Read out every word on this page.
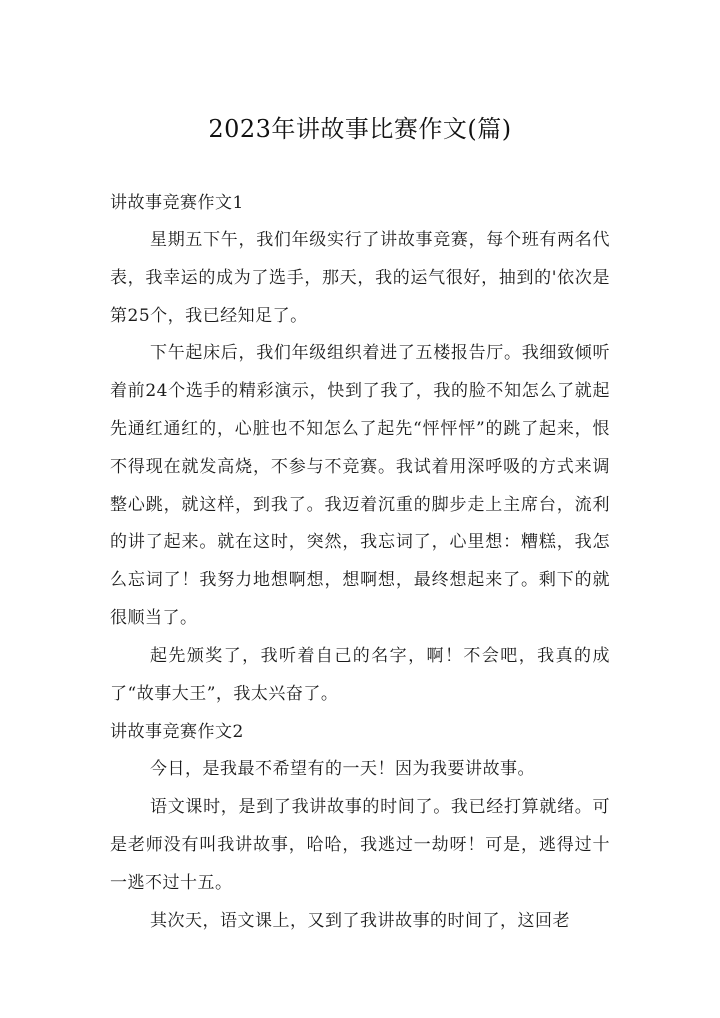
2023年讲故事比赛作文(篇)

讲故事竞赛作文1

星期五下午，我们年级实行了讲故事竞赛，每个班有两名代表，我幸运的成为了选手，那天，我的运气很好，抽到的'依次是第25个，我已经知足了。

下午起床后，我们年级组织着进了五楼报告厅。我细致倾听着前24个选手的精彩演示，快到了我了，我的脸不知怎么了就起先通红通红的，心脏也不知怎么了起先“怦怦怦”的跳了起来，恨不得现在就发高烧，不参与不竞赛。我试着用深呼吸的方式来调整心跳，就这样，到我了。我迈着沉重的脚步走上主席台，流利的讲了起来。就在这时，突然，我忘词了，心里想：糟糕，我怎么忘词了！我努力地想啊想，想啊想，最终想起来了。剩下的就很顺当了。

起先颁奖了，我听着自己的名字，啊！不会吧，我真的成了“故事大王”，我太兴奋了。

讲故事竞赛作文2

今日，是我最不希望有的一天！因为我要讲故事。

语文课时，是到了我讲故事的时间了。我已经打算就绪。可是老师没有叫我讲故事，哈哈，我逃过一劫呀！可是，逃得过十一逃不过十五。

其次天，语文课上，又到了我讲故事的时间了，这回老
